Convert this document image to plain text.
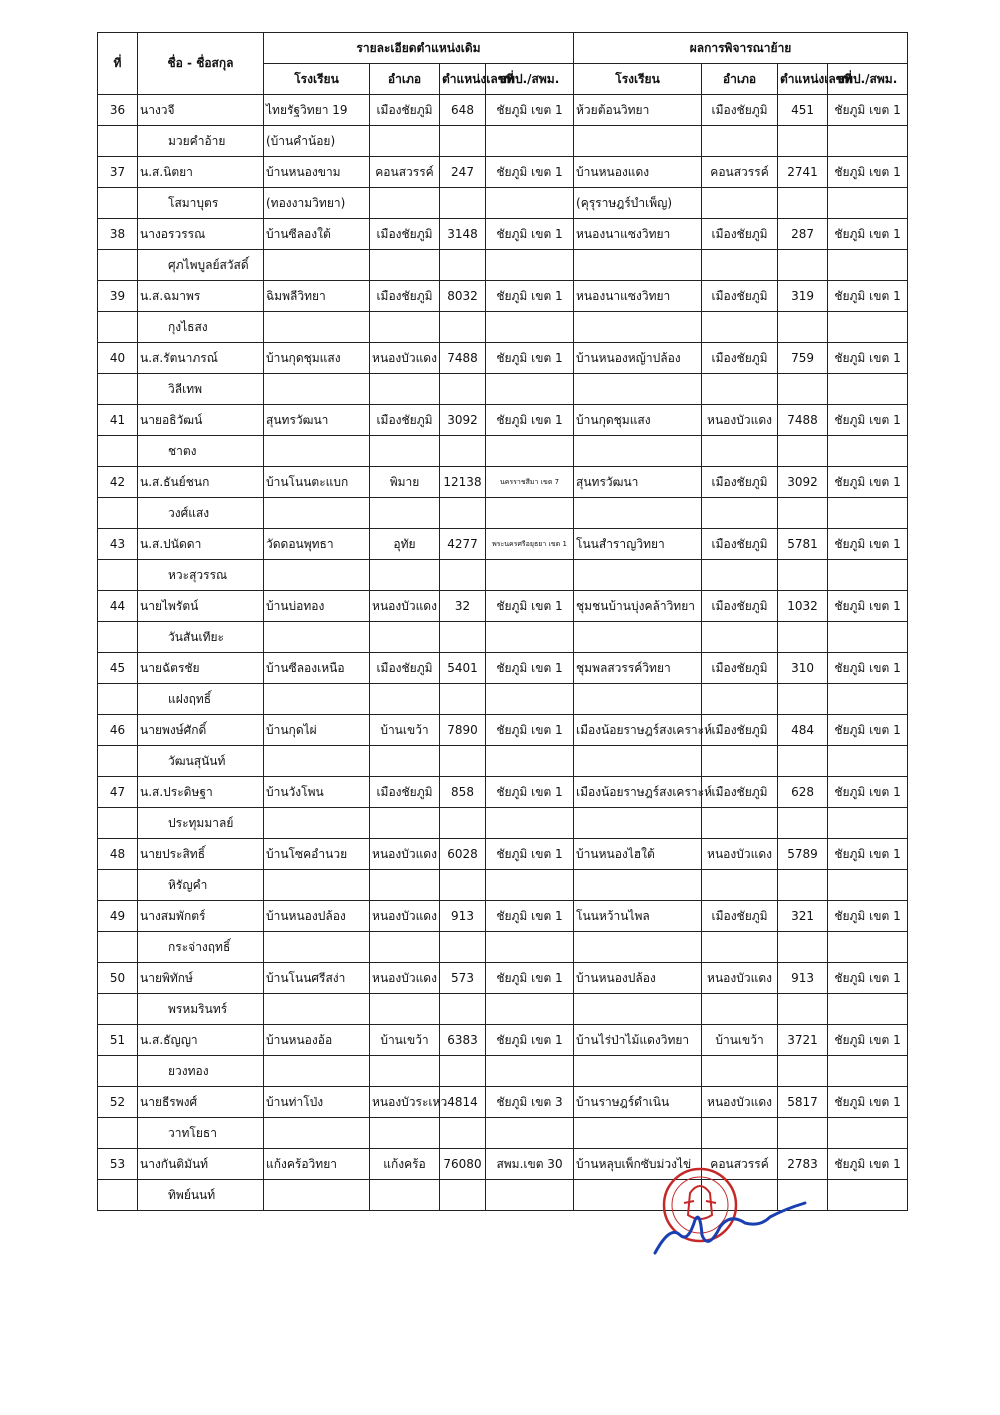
ที่	ชื่อ - ชื่อสกุล	รายละเอียดตำแหน่งเดิม				ผลการพิจารณาย้าย			
		โรงเรียน	อำเภอ	ตำแหน่งเลขที่	สพป./สพม.	โรงเรียน	อำเภอ	ตำแหน่งเลขที่	สพป./สพม.
36	นางวจี	ไทยรัฐวิทยา 19	เมืองชัยภูมิ	648	ชัยภูมิ เขต 1	ห้วยต้อนวิทยา	เมืองชัยภูมิ	451	ชัยภูมิ เขต 1
	มวยคำอ้าย	(บ้านคำน้อย)							
37	น.ส.นิตยา	บ้านหนองขาม	คอนสวรรค์	247	ชัยภูมิ เขต 1	บ้านหนองแดง	คอนสวรรค์	2741	ชัยภูมิ เขต 1
	โสมาบุตร	(ทองงามวิทยา)				(คุรุราษฎร์บำเพ็ญ)			
38	นางอรวรรณ	บ้านซีลองใต้	เมืองชัยภูมิ	3148	ชัยภูมิ เขต 1	หนองนาแซงวิทยา	เมืองชัยภูมิ	287	ชัยภูมิ เขต 1
	ศุภไพบูลย์สวัสดิ์								
39	น.ส.ฉมาพร	ฉิมพลีวิทยา	เมืองชัยภูมิ	8032	ชัยภูมิ เขต 1	หนองนาแซงวิทยา	เมืองชัยภูมิ	319	ชัยภูมิ เขต 1
	กุงไธสง								
40	น.ส.รัตนาภรณ์	บ้านกุดชุมแสง	หนองบัวแดง	7488	ชัยภูมิ เขต 1	บ้านหนองหญ้าปล้อง	เมืองชัยภูมิ	759	ชัยภูมิ เขต 1
	วิลีเทพ								
41	นายอธิวัฒน์	สุนทรวัฒนา	เมืองชัยภูมิ	3092	ชัยภูมิ เขต 1	บ้านกุดชุมแสง	หนองบัวแดง	7488	ชัยภูมิ เขต 1
	ชาตง								
42	น.ส.ธันย์ชนก	บ้านโนนตะแบก	พิมาย	12138	นครราชสีมา เขต 7	สุนทรวัฒนา	เมืองชัยภูมิ	3092	ชัยภูมิ เขต 1
	วงศ์แสง								
43	น.ส.ปนัดดา	วัดดอนพุทธา	อุทัย	4277	พระนครศรีอยุธยา เขต 1	โนนสำราญวิทยา	เมืองชัยภูมิ	5781	ชัยภูมิ เขต 1
	หวะสุวรรณ								
44	นายไพรัตน์	บ้านบ่อทอง	หนองบัวแดง	32	ชัยภูมิ เขต 1	ชุมชนบ้านบุ่งคล้าวิทยา	เมืองชัยภูมิ	1032	ชัยภูมิ เขต 1
	วันสันเทียะ								
45	นายฉัตรชัย	บ้านซีลองเหนือ	เมืองชัยภูมิ	5401	ชัยภูมิ เขต 1	ชุมพลสวรรค์วิทยา	เมืองชัยภูมิ	310	ชัยภูมิ เขต 1
	แฝงฤทธิ์								
46	นายพงษ์ศักดิ์	บ้านกุดไผ่	บ้านเขว้า	7890	ชัยภูมิ เขต 1	เมืองน้อยราษฎร์สงเคราะห์	เมืองชัยภูมิ	484	ชัยภูมิ เขต 1
	วัฒนสุนันท์								
47	น.ส.ประดิษฐา	บ้านวังโพน	เมืองชัยภูมิ	858	ชัยภูมิ เขต 1	เมืองน้อยราษฎร์สงเคราะห์	เมืองชัยภูมิ	628	ชัยภูมิ เขต 1
	ประทุมมาลย์								
48	นายประสิทธิ์	บ้านโซคอำนวย	หนองบัวแดง	6028	ชัยภูมิ เขต 1	บ้านหนองไฮใต้	หนองบัวแดง	5789	ชัยภูมิ เขต 1
	หิรัญคำ								
49	นางสมพักตร์	บ้านหนองปล้อง	หนองบัวแดง	913	ชัยภูมิ เขต 1	โนนหว้านไพล	เมืองชัยภูมิ	321	ชัยภูมิ เขต 1
	กระจ่างฤทธิ์								
50	นายพิทักษ์	บ้านโนนศรีสง่า	หนองบัวแดง	573	ชัยภูมิ เขต 1	บ้านหนองปล้อง	หนองบัวแดง	913	ชัยภูมิ เขต 1
	พรหมรินทร์								
51	น.ส.ธัญญา	บ้านหนองอ้อ	บ้านเขว้า	6383	ชัยภูมิ เขต 1	บ้านไร่ป่าไม้แดงวิทยา	บ้านเขว้า	3721	ชัยภูมิ เขต 1
	ยวงทอง								
52	นายธีรพงศ์	บ้านท่าโป่ง	หนองบัวระเหว	4814	ชัยภูมิ เขต 3	บ้านราษฎร์ดำเนิน	หนองบัวแดง	5817	ชัยภูมิ เขต 1
	วาทโยธา								
53	นางกันติมันท์	แก้งคร้อวิทยา	แก้งคร้อ	76080	สพม.เขต 30	บ้านหลุบเพ็กซับม่วงไข่	คอนสวรรค์	2783	ชัยภูมิ เขต 1
	ทิพย์นนท์								
